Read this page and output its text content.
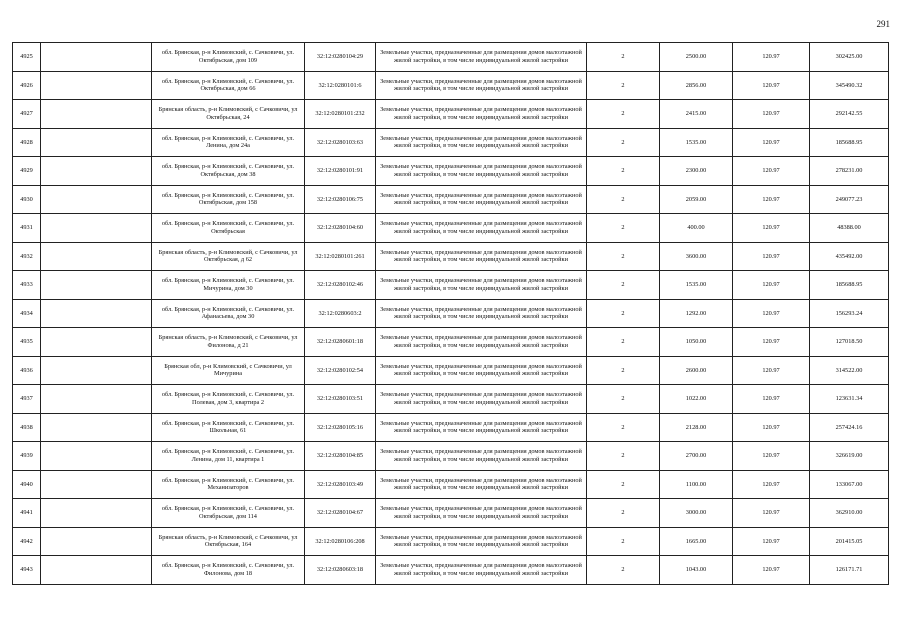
291
4925		обл. Брянская, р-н Климовский, с. Сачковичи, ул. Октябрьская, дом 109	32:12:0280104:29	Земельные участки, предназначенные для размещения домов малоэтажной жилой застройки, в том числе индивидуальной жилой застройки	2	2500.00	120.97	302425.00
4926		обл. Брянская, р-н Климовский, с. Сачковичи, ул. Октябрьская, дом 66	32:12:0280101:6	Земельные участки, предназначенные для размещения домов малоэтажной жилой застройки, в том числе индивидуальной жилой застройки	2	2856.00	120.97	345490.32
4927		Брянская область, р-н Климовский, с Сачковичи, ул Октябрьская, 24	32:12:0280101:232	Земельные участки, предназначенные для размещения домов малоэтажной жилой застройки, в том числе индивидуальной жилой застройки	2	2415.00	120.97	292142.55
4928		обл. Брянская, р-н Климовский, с. Сачковичи, ул. Ленина, дом 24а	32:12:0280103:63	Земельные участки, предназначенные для размещения домов малоэтажной жилой застройки, в том числе индивидуальной жилой застройки	2	1535.00	120.97	185688.95
4929		обл. Брянская, р-н Климовский, с. Сачковичи, ул. Октябрьская, дом 38	32:12:0280101:91	Земельные участки, предназначенные для размещения домов малоэтажной жилой застройки, в том числе индивидуальной жилой застройки	2	2300.00	120.97	278231.00
4930		обл. Брянская, р-н Климовский, с. Сачковичи, ул. Октябрьская, дом 158	32:12:0280106:75	Земельные участки, предназначенные для размещения домов малоэтажной жилой застройки, в том числе индивидуальной жилой застройки	2	2059.00	120.97	249077.23
4931		обл. Брянская, р-н Климовский, с. Сачковичи, ул. Октябрьская	32:12:0280104:60	Земельные участки, предназначенные для размещения домов малоэтажной жилой застройки, в том числе индивидуальной жилой застройки	2	400.00	120.97	48388.00
4932		Брянская область, р-н Климовский, с Сачковичи, ул Октябрьская, д 62	32:12:0280101:261	Земельные участки, предназначенные для размещения домов малоэтажной жилой застройки, в том числе индивидуальной жилой застройки	2	3600.00	120.97	435492.00
4933		обл. Брянская, р-н Климовский, с. Сачковичи, ул. Мичурина, дом 30	32:12:0280102:46	Земельные участки, предназначенные для размещения домов малоэтажной жилой застройки, в том числе индивидуальной жилой застройки	2	1535.00	120.97	185688.95
4934		обл. Брянская, р-н Климовский, с. Сачковичи, ул. Афанасьева, дом 30	32:12:0280603:2	Земельные участки, предназначенные для размещения домов малоэтажной жилой застройки, в том числе индивидуальной жилой застройки	2	1292.00	120.97	156293.24
4935		Брянская область, р-н Климовский, с Сачковичи, ул Филонова, д 21	32:12:0280601:18	Земельные участки, предназначенные для размещения домов малоэтажной жилой застройки, в том числе индивидуальной жилой застройки	2	1050.00	120.97	127018.50
4936		Брянская обл, р-н Климовский, с Сачковичи, ул Мичурина	32:12:0280102:54	Земельные участки, предназначенные для размещения домов малоэтажной жилой застройки, в том числе индивидуальной жилой застройки	2	2600.00	120.97	314522.00
4937		обл. Брянская, р-н Климовский, с. Сачковичи, ул. Полевая, дом 3, квартира 2	32:12:0280103:51	Земельные участки, предназначенные для размещения домов малоэтажной жилой застройки, в том числе индивидуальной жилой застройки	2	1022.00	120.97	123631.34
4938		обл. Брянская, р-н Климовский, с. Сачковичи, ул. Школьная, 61	32:12:0280105:16	Земельные участки, предназначенные для размещения домов малоэтажной жилой застройки, в том числе индивидуальной жилой застройки	2	2128.00	120.97	257424.16
4939		обл. Брянская, р-н Климовский, с. Сачковичи, ул. Ленина, дом 11, квартира 1	32:12:0280104:85	Земельные участки, предназначенные для размещения домов малоэтажной жилой застройки, в том числе индивидуальной жилой застройки	2	2700.00	120.97	326619.00
4940		обл. Брянская, р-н Климовский, с. Сачковичи, ул. Механизаторов	32:12:0280103:49	Земельные участки, предназначенные для размещения домов малоэтажной жилой застройки, в том числе индивидуальной жилой застройки	2	1100.00	120.97	133067.00
4941		обл. Брянская, р-н Климовский, с. Сачковичи, ул. Октябрьская, дом 114	32:12:0280104:67	Земельные участки, предназначенные для размещения домов малоэтажной жилой застройки, в том числе индивидуальной жилой застройки	2	3000.00	120.97	362910.00
4942		Брянская область, р-н Климовский, с Сачковичи, ул Октябрьская, 164	32:12:0280106:208	Земельные участки, предназначенные для размещения домов малоэтажной жилой застройки, в том числе индивидуальной жилой застройки	2	1665.00	120.97	201415.05
4943		обл. Брянская, р-н Климовский, с. Сачковичи, ул. Филонова, дом 18	32:12:0280603:18	Земельные участки, предназначенные для размещения домов малоэтажной жилой застройки, в том числе индивидуальной жилой застройки	2	1043.00	120.97	126171.71
